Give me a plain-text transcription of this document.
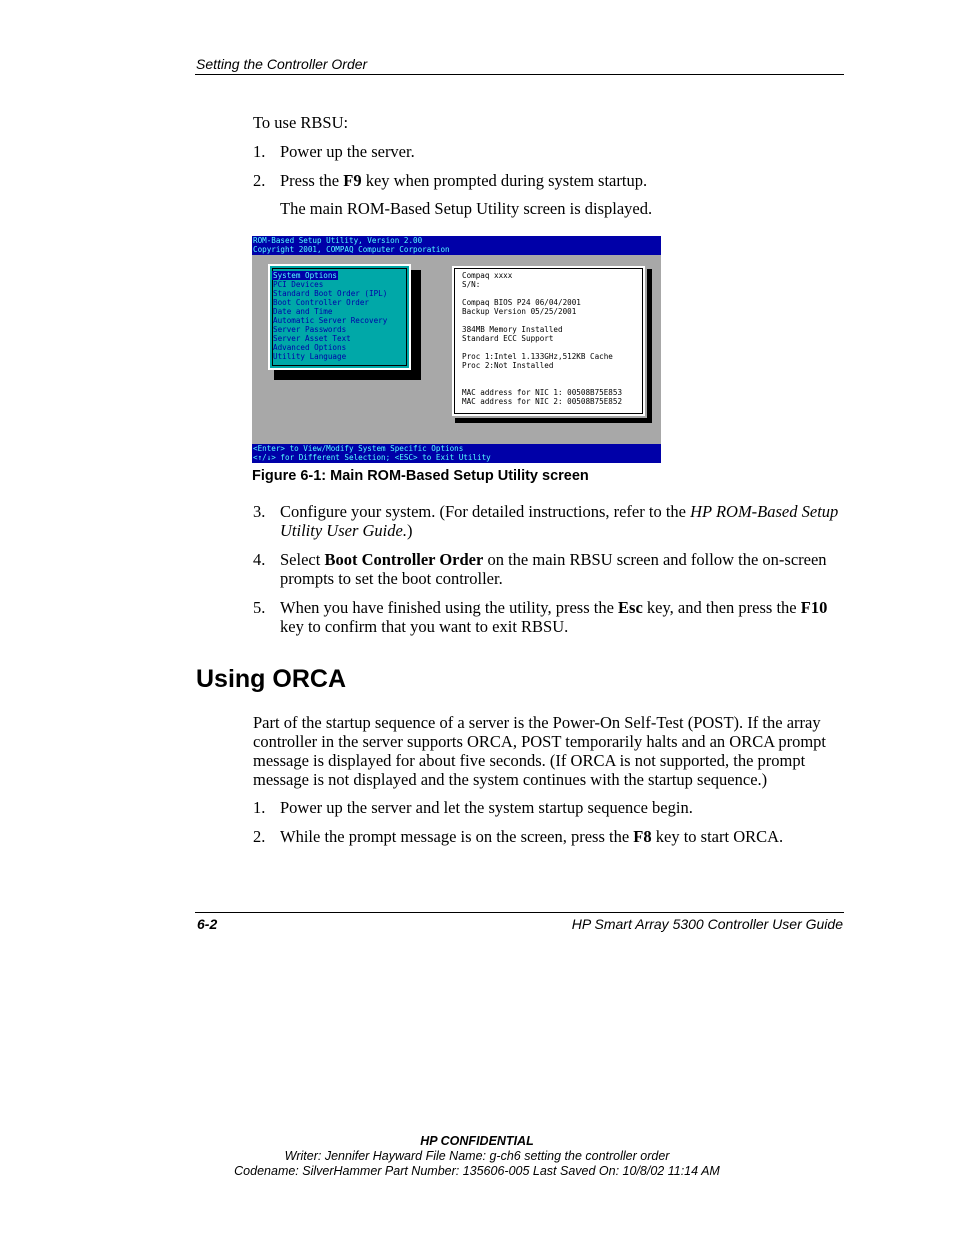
Setting the Controller Order
To use RBSU:
1. Power up the server.
2. Press the F9 key when prompted during system startup.
The main ROM-Based Setup Utility screen is displayed.
ROM-Based Setup Utility, Version 2.00
Copyright 2001, COMPAQ Computer Corporation
System Options
PCI Devices
Standard Boot Order (IPL)
Boot Controller Order
Date and Time
Automatic Server Recovery
Server Passwords
Server Asset Text
Advanced Options
Utility Language
Compaq xxxx
S/N:
Compaq BIOS P24 06/04/2001
Backup Version 05/25/2001
384MB Memory Installed
Standard ECC Support
Proc 1:Intel 1.133GHz,512KB Cache
Proc 2:Not Installed
MAC address for NIC 1: 00508B75E853
MAC address for NIC 2: 00508B75E852
<Enter> to View/Modify System Specific Options
<↑/↓> for Different Selection; <ESC> to Exit Utility
Figure 6-1: Main ROM-Based Setup Utility screen
3. Configure your system. (For detailed instructions, refer to the HP ROM-Based Setup Utility User Guide.)
4. Select Boot Controller Order on the main RBSU screen and follow the on-screen prompts to set the boot controller.
5. When you have finished using the utility, press the Esc key, and then press the F10 key to confirm that you want to exit RBSU.
Using ORCA
Part of the startup sequence of a server is the Power-On Self-Test (POST). If the array controller in the server supports ORCA, POST temporarily halts and an ORCA prompt message is displayed for about five seconds. (If ORCA is not supported, the prompt message is not displayed and the system continues with the startup sequence.)
1. Power up the server and let the system startup sequence begin.
2. While the prompt message is on the screen, press the F8 key to start ORCA.
6-2	HP Smart Array 5300 Controller User Guide
HP CONFIDENTIAL
Writer: Jennifer Hayward File Name: g-ch6 setting the controller order
Codename: SilverHammer Part Number: 135606-005 Last Saved On: 10/8/02 11:14 AM
